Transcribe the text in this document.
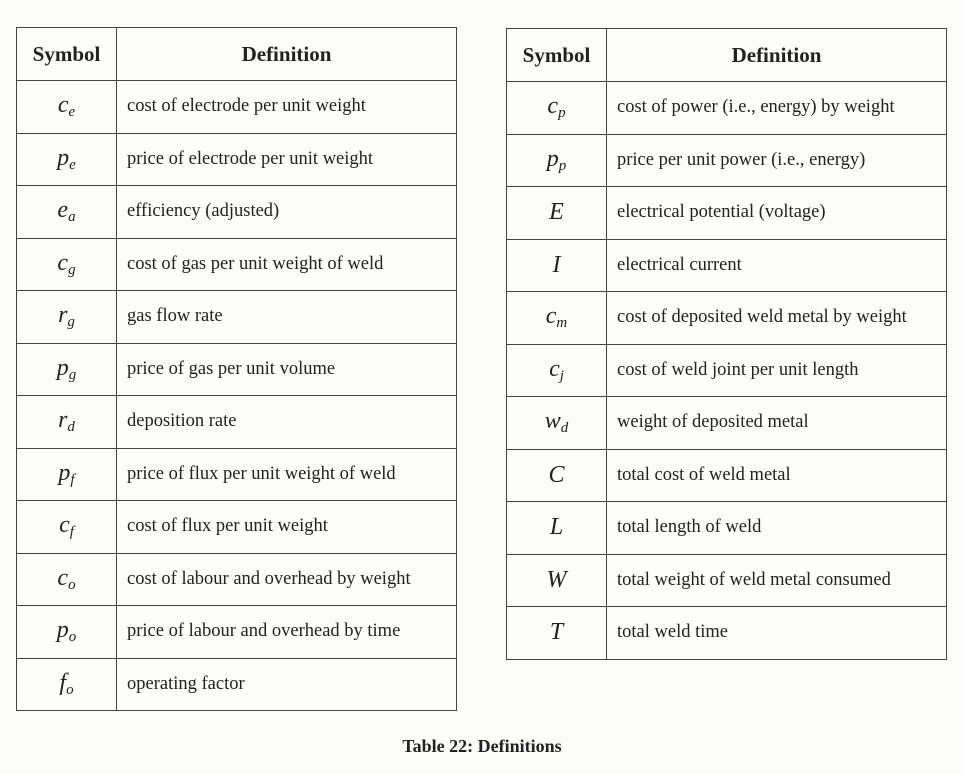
Symbol	Definition
$c_e$	cost of electrode per unit weight
$p_e$	price of electrode per unit weight
$e_a$	efficiency (adjusted)
$c_g$	cost of gas per unit weight of weld
$r_g$	gas flow rate
$p_g$	price of gas per unit volume
$r_d$	deposition rate
$p_f$	price of flux per unit weight of weld
$c_f$	cost of flux per unit weight
$c_o$	cost of labour and overhead by weight
$p_o$	price of labour and overhead by time
$f_o$	operating factor
Symbol	Definition
$c_p$	cost of power (i.e., energy) by weight
$p_p$	price per unit power (i.e., energy)
E	electrical potential (voltage)
I	electrical current
$c_m$	cost of deposited weld metal by weight
$c_j$	cost of weld joint per unit length
$w_d$	weight of deposited metal
C	total cost of weld metal
L	total length of weld
W	total weight of weld metal consumed
T	total weld time
Table 22: Definitions
